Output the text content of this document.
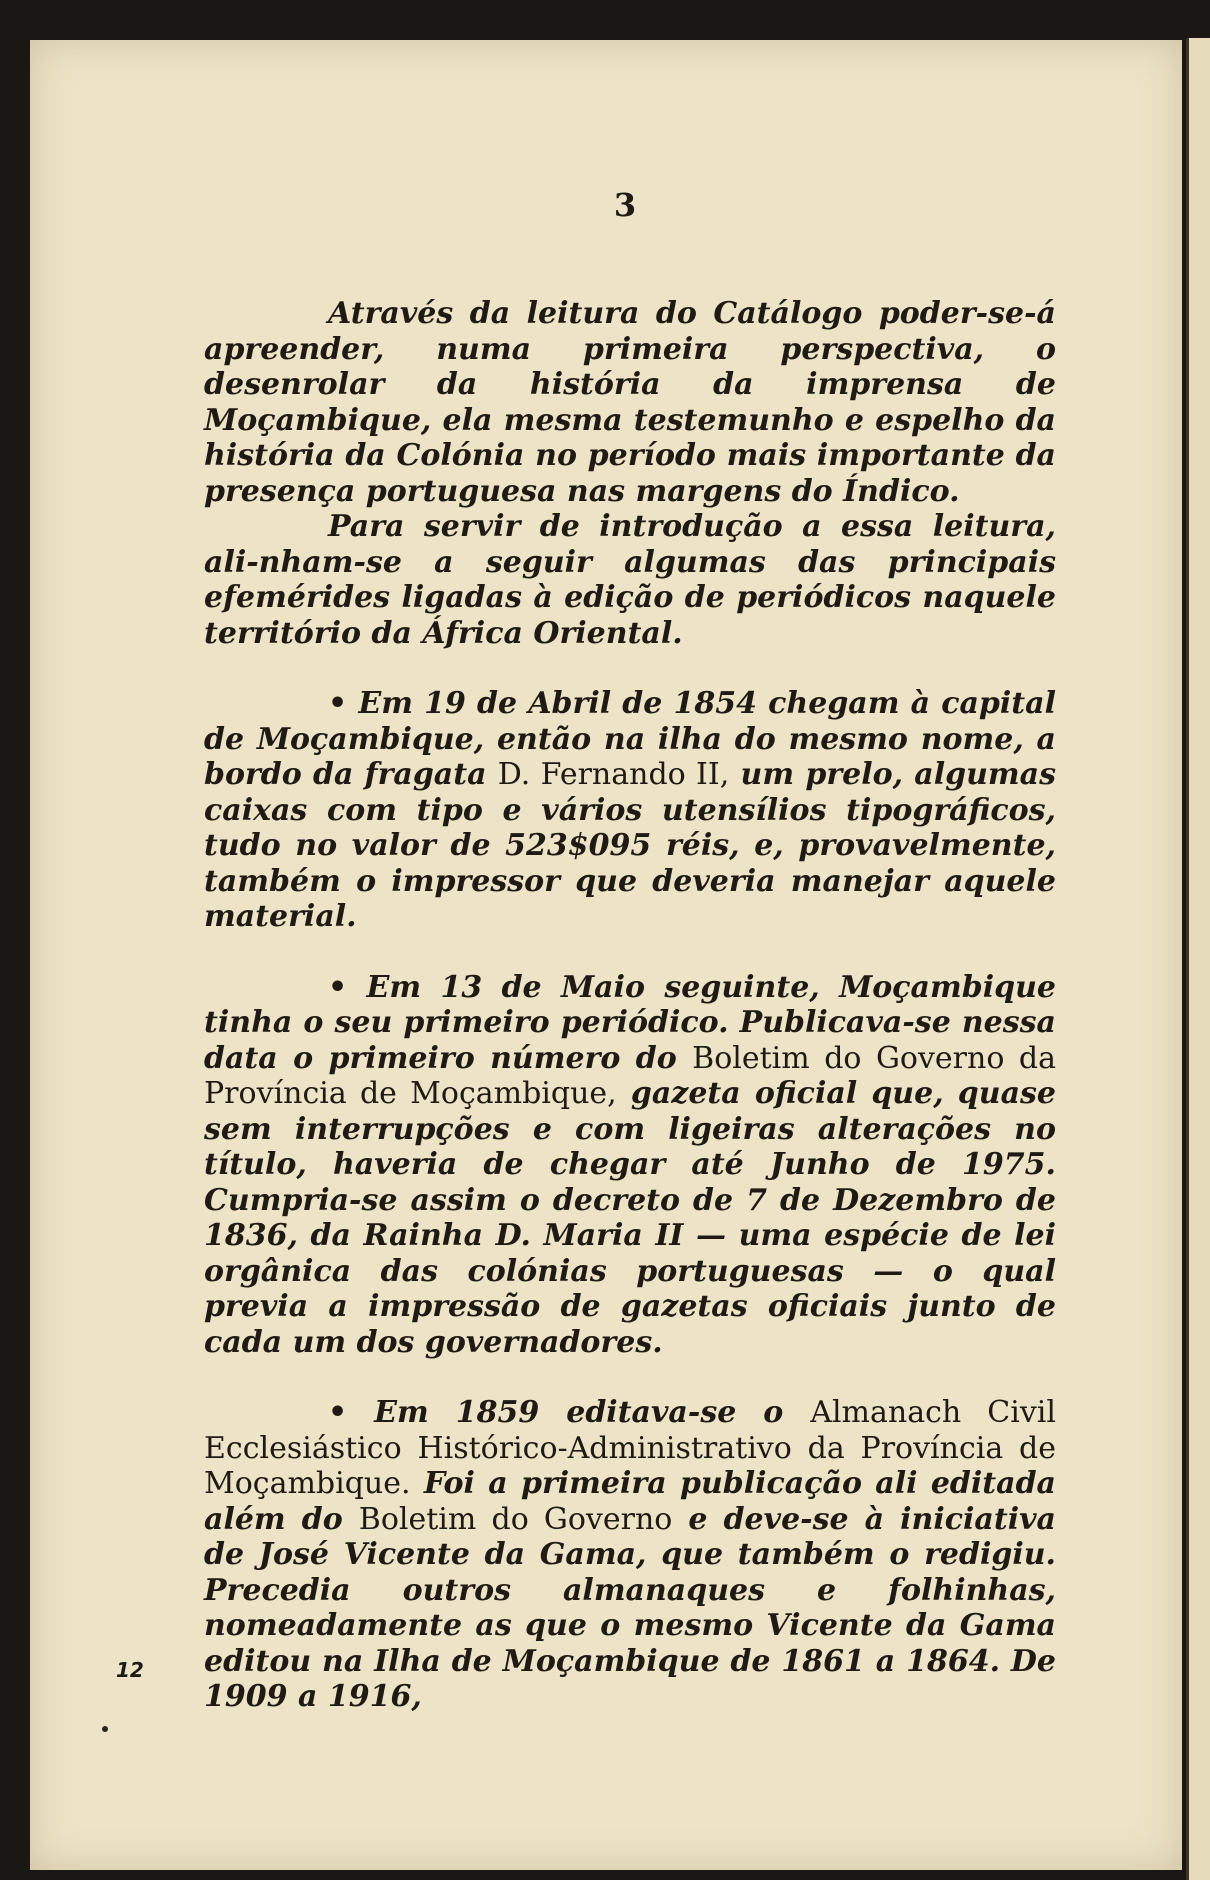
3

Através da leitura do Catálogo poder-se-á apreender, numa primeira perspectiva, o desenrolar da história da imprensa de Moçambique, ela mesma testemunho e espelho da história da Colónia no período mais importante da presença portuguesa nas margens do Índico.

Para servir de introdução a essa leitura, ali-nham-se a seguir algumas das principais efemérides ligadas à edição de periódicos naquele território da África Oriental.

• Em 19 de Abril de 1854 chegam à capital de Moçambique, então na ilha do mesmo nome, a bordo da fragata D. Fernando II, um prelo, algumas caixas com tipo e vários utensílios tipográficos, tudo no valor de 523$095 réis, e, provavelmente, também o impressor que deveria manejar aquele material.

• Em 13 de Maio seguinte, Moçambique tinha o seu primeiro periódico. Publicava-se nessa data o primeiro número do Boletim do Governo da Província de Moçambique, gazeta oficial que, quase sem interrupções e com ligeiras alterações no título, haveria de chegar até Junho de 1975. Cumpria-se assim o decreto de 7 de Dezembro de 1836, da Rainha D. Maria II — uma espécie de lei orgânica das colónias portuguesas — o qual previa a impressão de gazetas oficiais junto de cada um dos governadores.

• Em 1859 editava-se o Almanach Civil Ecclesiástico Histórico-Administrativo da Província de Moçambique. Foi a primeira publicação ali editada além do Boletim do Governo e deve-se à iniciativa de José Vicente da Gama, que também o redigiu. Precedia outros almanaques e folhinhas, nomeadamente as que o mesmo Vicente da Gama editou na Ilha de Moçambique de 1861 a 1864. De 1909 a 1916,

12
